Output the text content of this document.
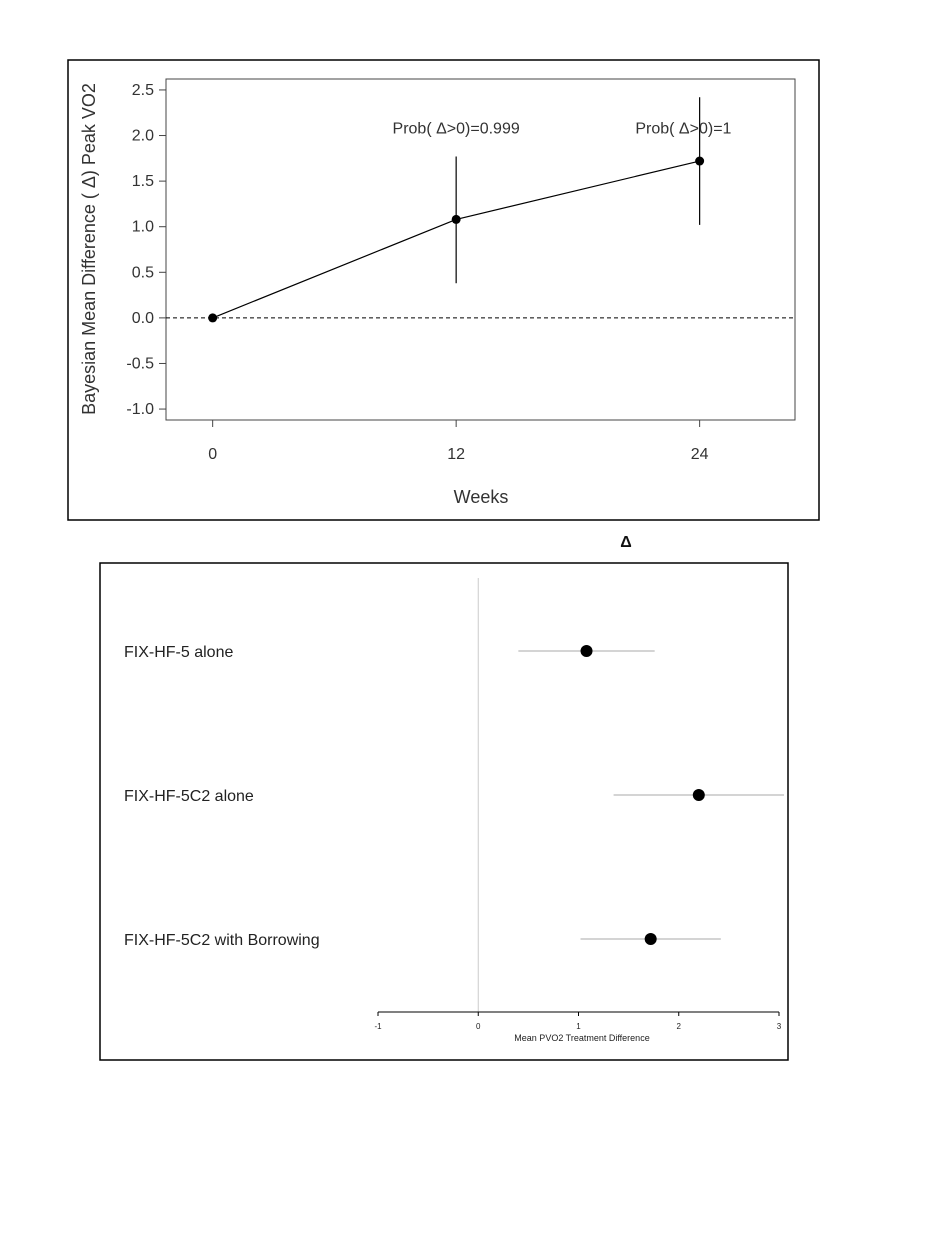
-1.0
-0.5
0.0
0.5
1.0
1.5
2.0
2.5
0	12	24
Prob( Δ>0)=0.999	Prob( Δ>0)=1
Weeks
Bayesian Mean Difference ( Δ) Peak VO2
Δ
-1	0	1	2	3
FIX-HF-5 alone
FIX-HF-5C2 alone
FIX-HF-5C2 with Borrowing
Mean PVO2 Treatment Difference
